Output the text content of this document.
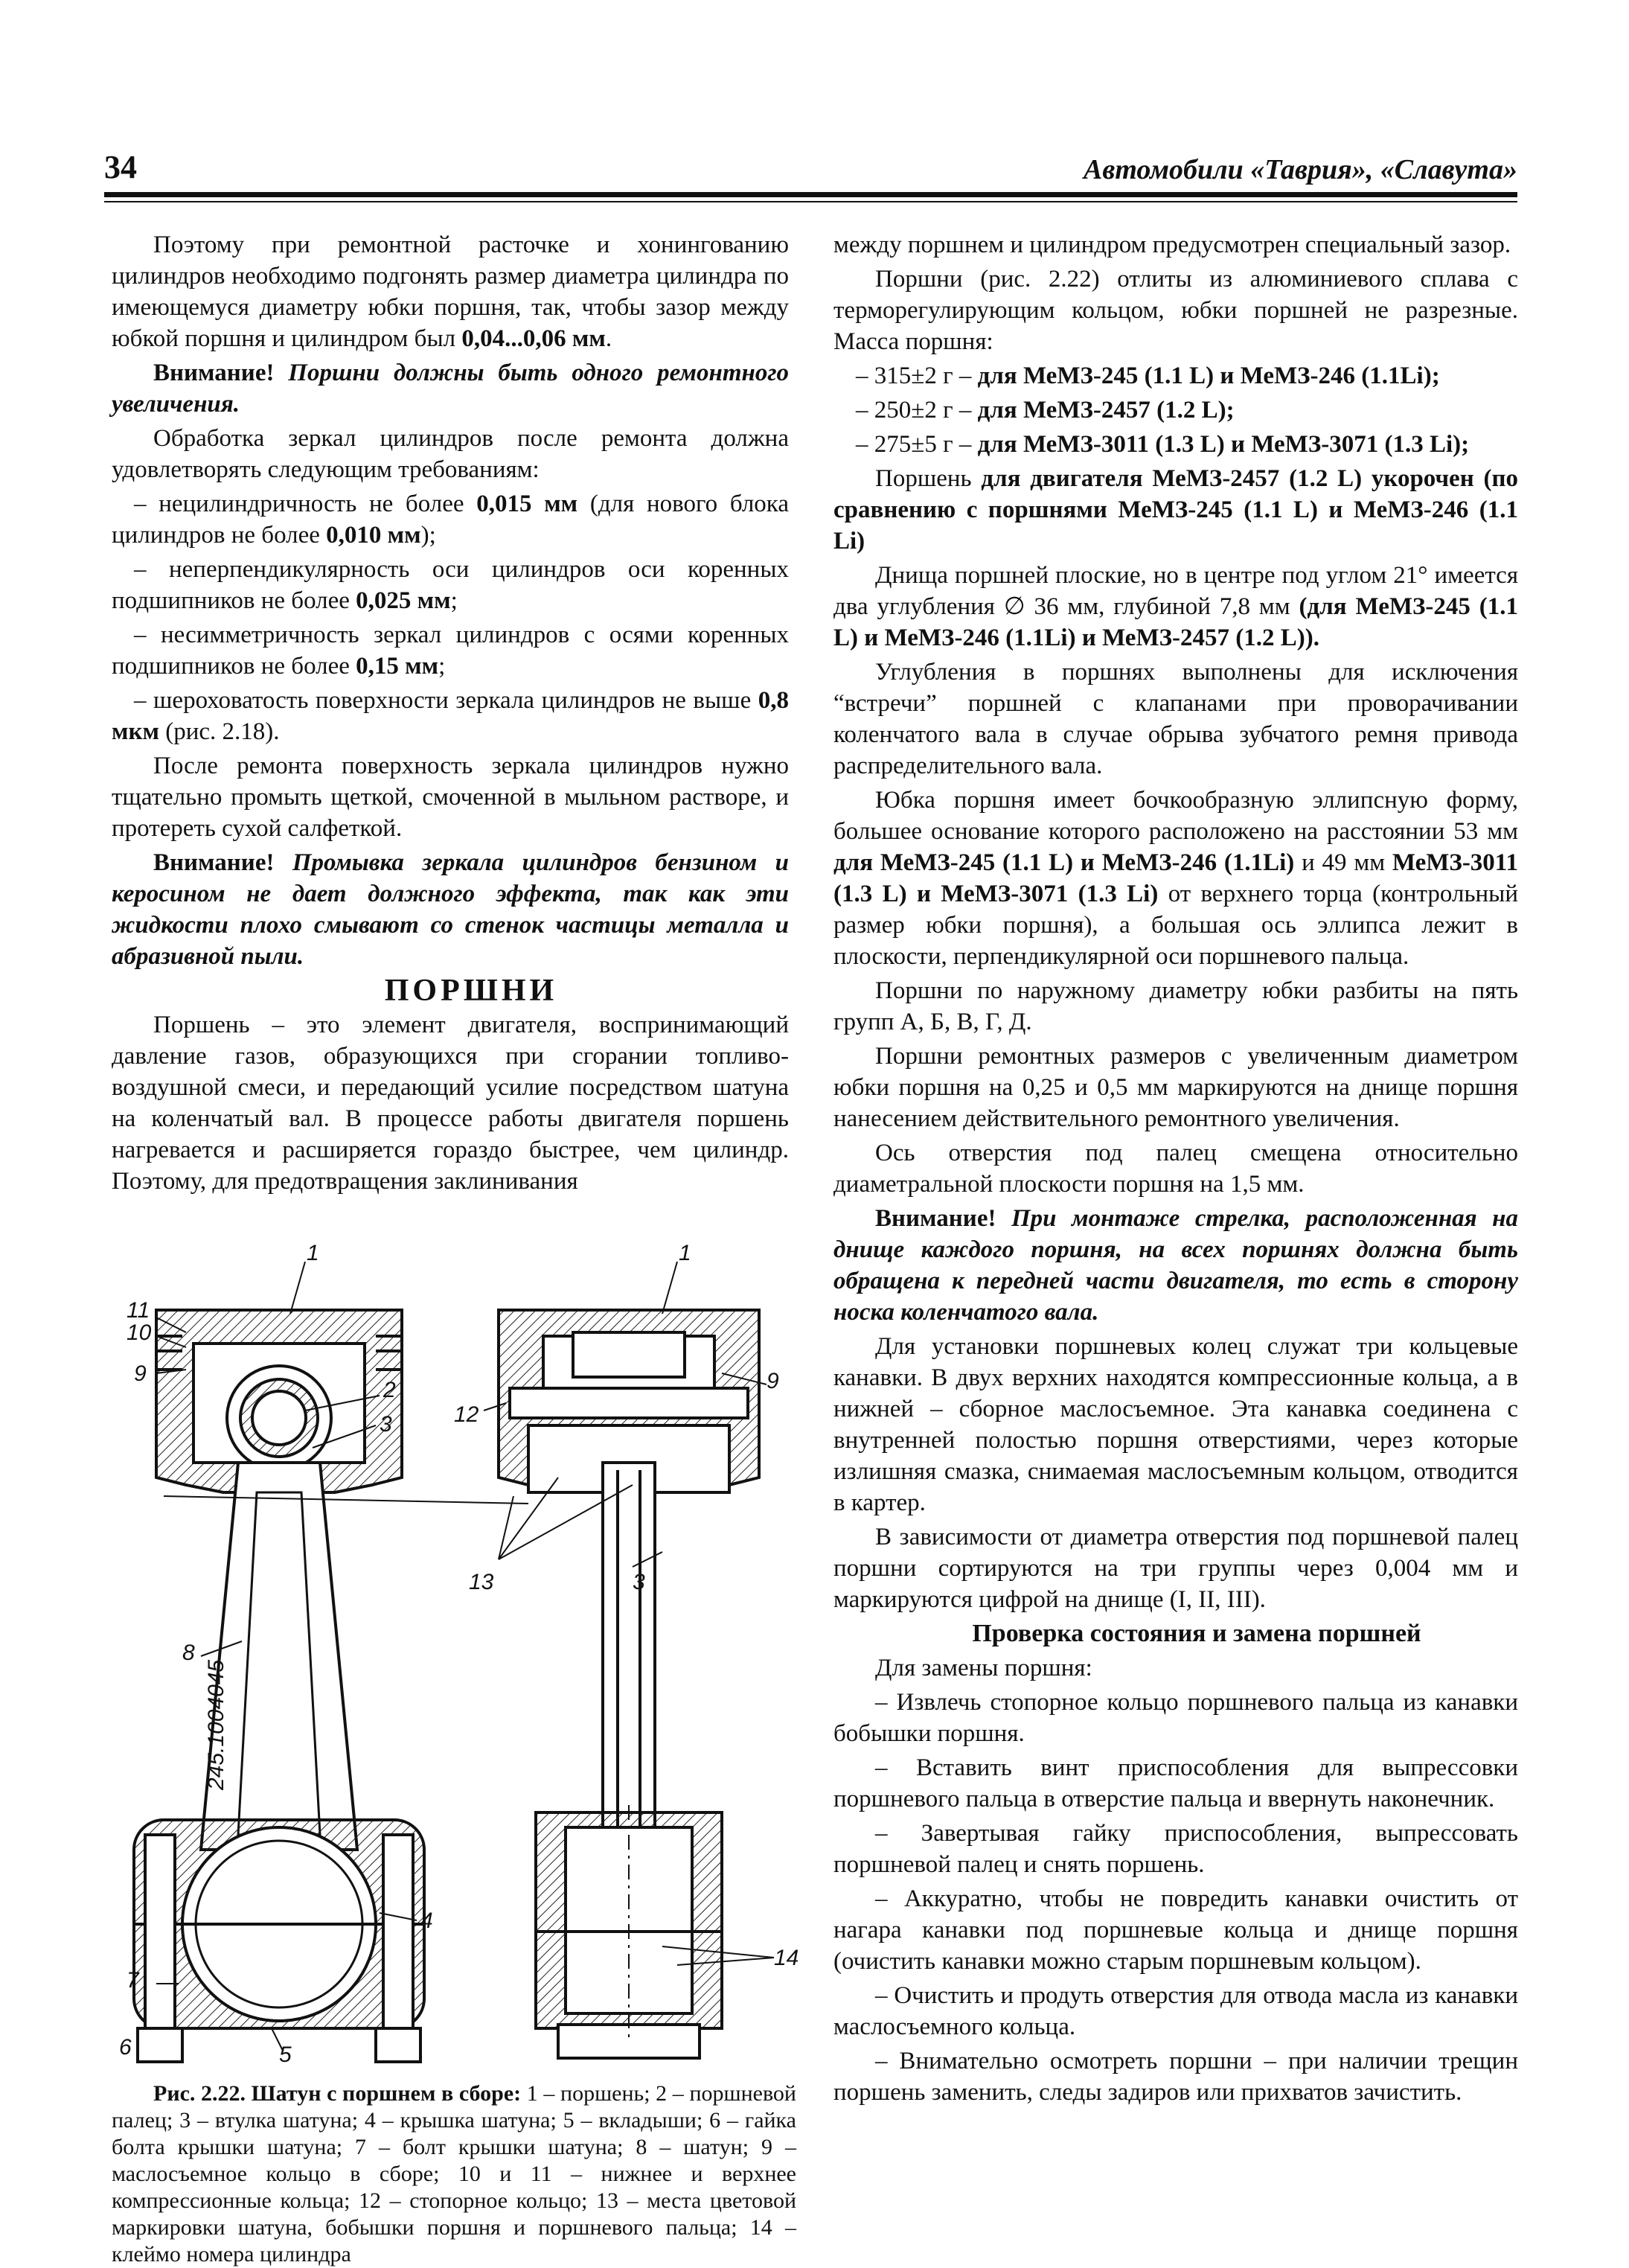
34	Автомобили «Таврия», «Славута»

Поэтому при ремонтной расточке и хонингованию цилиндров необходимо подгонять размер диаметра цилиндра по имеющемуся диаметру юбки поршня, так, чтобы зазор между юбкой поршня и цилиндром был 0,04...0,06 мм.

Внимание! Поршни должны быть одного ремонтного увеличения.

Обработка зеркал цилиндров после ремонта должна удовлетворять следующим требованиям:

– нецилиндричность не более 0,015 мм (для нового блока цилиндров не более 0,010 мм);

– неперпендикулярность оси цилиндров оси коренных подшипников не более 0,025 мм;

– несимметричность зеркал цилиндров с осями коренных подшипников не более 0,15 мм;

– шероховатость поверхности зеркала цилиндров не выше 0,8 мкм (рис. 2.18).

После ремонта поверхность зеркала цилиндров нужно тщательно промыть щеткой, смоченной в мыльном растворе, и протереть сухой салфеткой.

Внимание! Промывка зеркала цилиндров бензином и керосином не дает должного эффекта, так как эти жидкости плохо смывают со стенок частицы металла и абразивной пыли.

ПОРШНИ

Поршень – это элемент двигателя, воспринимающий давление газов, образующихся при сгорании топливо-воздушной смеси, и передающий усилие посредством шатуна на коленчатый вал. В процессе работы двигателя поршень нагревается и расширяется гораздо быстрее, чем цилиндр. Поэтому, для предотвращения заклинивания

245.1004045
1	1
2
3
3
4
5
6
7
8
9	9
10
11
12
13
14
Рис. 2.22. Шатун с поршнем в сборе: 1 – поршень; 2 – поршневой палец; 3 – втулка шатуна; 4 – крышка шатуна; 5 – вкладыши; 6 – гайка болта крышки шатуна; 7 – болт крышки шатуна; 8 – шатун; 9 – маслосъемное кольцо в сборе; 10 и 11 – нижнее и верхнее компрессионные кольца; 12 – стопорное кольцо; 13 – места цветовой маркировки шатуна, бобышки поршня и поршневого пальца; 14 – клеймо номера цилиндра

между поршнем и цилиндром предусмотрен специальный зазор.

Поршни (рис. 2.22) отлиты из алюминиевого сплава с терморегулирующим кольцом, юбки поршней не разрезные. Масса поршня:

– 315±2 г – для МеМЗ-245 (1.1 L) и МеМЗ-246 (1.1Li);

– 250±2 г – для МеМЗ-2457 (1.2 L);

– 275±5 г – для МеМЗ-3011 (1.3 L) и МеМЗ-3071 (1.3 Li);

Поршень для двигателя МеМЗ-2457 (1.2 L) укорочен (по сравнению с поршнями МеМЗ-245 (1.1 L) и МеМЗ-246 (1.1 Li)

Днища поршней плоские, но в центре под углом 21° имеется два углубления ∅ 36 мм, глубиной 7,8 мм (для МеМЗ-245 (1.1 L) и МеМЗ-246 (1.1Li) и МеМЗ-2457 (1.2 L)).

Углубления в поршнях выполнены для исключения “встречи” поршней с клапанами при проворачивании коленчатого вала в случае обрыва зубчатого ремня привода распределительного вала.

Юбка поршня имеет бочкообразную эллипсную форму, большее основание которого расположено на расстоянии 53 мм для МеМЗ-245 (1.1 L) и МеМЗ-246 (1.1Li) и 49 мм МеМЗ-3011 (1.3 L) и МеМЗ-3071 (1.3 Li) от верхнего торца (контрольный размер юбки поршня), а большая ось эллипса лежит в плоскости, перпендикулярной оси поршневого пальца.

Поршни по наружному диаметру юбки разбиты на пять групп А, Б, В, Г, Д.

Поршни ремонтных размеров с увеличенным диаметром юбки поршня на 0,25 и 0,5 мм маркируются на днище поршня нанесением действительного ремонтного увеличения.

Ось отверстия под палец смещена относительно диаметральной плоскости поршня на 1,5 мм.

Внимание! При монтаже стрелка, расположенная на днище каждого поршня, на всех поршнях должна быть обращена к передней части двигателя, то есть в сторону носка коленчатого вала.

Для установки поршневых колец служат три кольцевые канавки. В двух верхних находятся компрессионные кольца, а в нижней – сборное маслосъемное. Эта канавка соединена с внутренней полостью поршня отверстиями, через которые излишняя смазка, снимаемая маслосъемным кольцом, отводится в картер.

В зависимости от диаметра отверстия под поршневой палец поршни сортируются на три группы через 0,004 мм и маркируются цифрой на днище (I, II, III).

Проверка состояния и замена поршней

Для замены поршня:

– Извлечь стопорное кольцо поршневого пальца из канавки бобышки поршня.

– Вставить винт приспособления для выпрессовки поршневого пальца в отверстие пальца и ввернуть наконечник.

– Завертывая гайку приспособления, выпрессовать поршневой палец и снять поршень.

– Аккуратно, чтобы не повредить канавки очистить от нагара канавки под поршневые кольца и днище поршня (очистить канавки можно старым поршневым кольцом).

– Очистить и продуть отверстия для отвода масла из канавки маслосъемного кольца.

– Внимательно осмотреть поршни – при наличии трещин поршень заменить, следы задиров или прихватов зачистить.
